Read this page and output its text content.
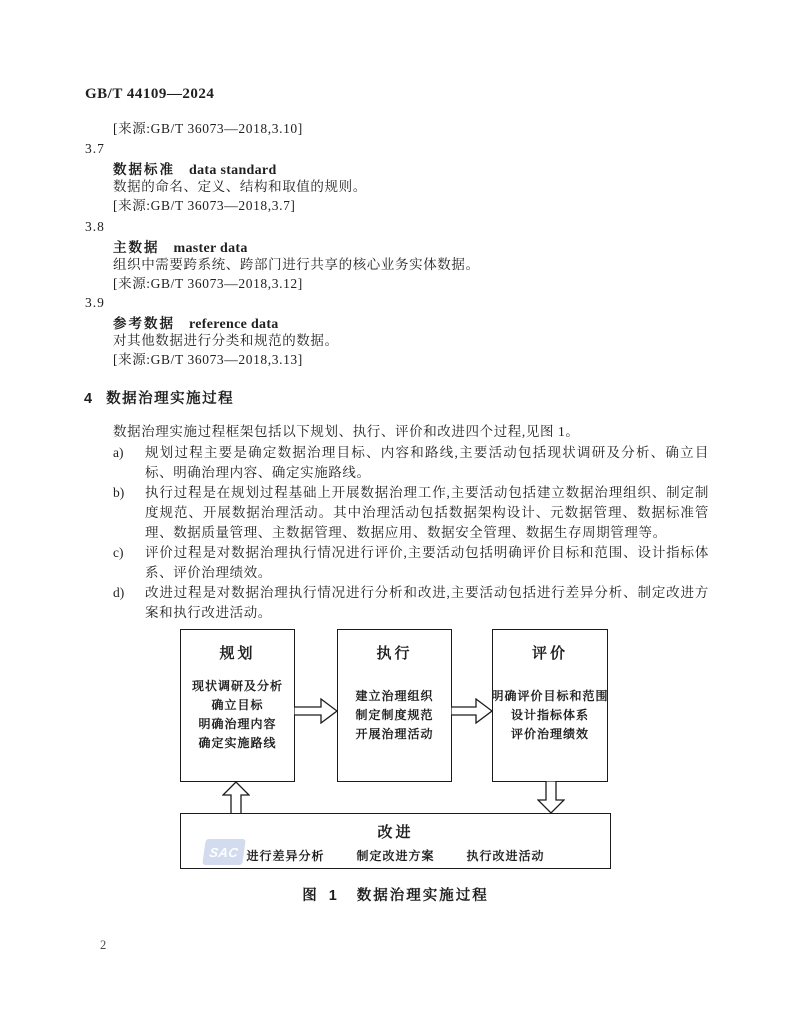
GB/T 44109—2024
[来源:GB/T 36073—2018,3.10]
3.7
数据标准 data standard
数据的命名、定义、结构和取值的规则。
[来源:GB/T 36073—2018,3.7]
3.8
主数据 master data
组织中需要跨系统、跨部门进行共享的核心业务实体数据。
[来源:GB/T 36073—2018,3.12]
3.9
参考数据 reference data
对其他数据进行分类和规范的数据。
[来源:GB/T 36073—2018,3.13]
4 数据治理实施过程
数据治理实施过程框架包括以下规划、执行、评价和改进四个过程,见图 1。
a)	规划过程主要是确定数据治理目标、内容和路线,主要活动包括现状调研及分析、确立目标、明确治理内容、确定实施路线。
b)	执行过程是在规划过程基础上开展数据治理工作,主要活动包括建立数据治理组织、制定制度规范、开展数据治理活动。其中治理活动包括数据架构设计、元数据管理、数据标准管理、数据质量管理、主数据管理、数据应用、数据安全管理、数据生存周期管理等。
c)	评价过程是对数据治理执行情况进行评价,主要活动包括明确评价目标和范围、设计指标体系、评价治理绩效。
d)	改进过程是对数据治理执行情况进行分析和改进,主要活动包括进行差异分析、制定改进方案和执行改进活动。
规划
现状调研及分析
确立目标
明确治理内容
确定实施路线
执行
建立治理组织
制定制度规范
开展治理活动
评价
明确评价目标和范围
设计指标体系
评价治理绩效
改进
进行差异分析	制定改进方案	执行改进活动
SAC
图 1 数据治理实施过程
2
